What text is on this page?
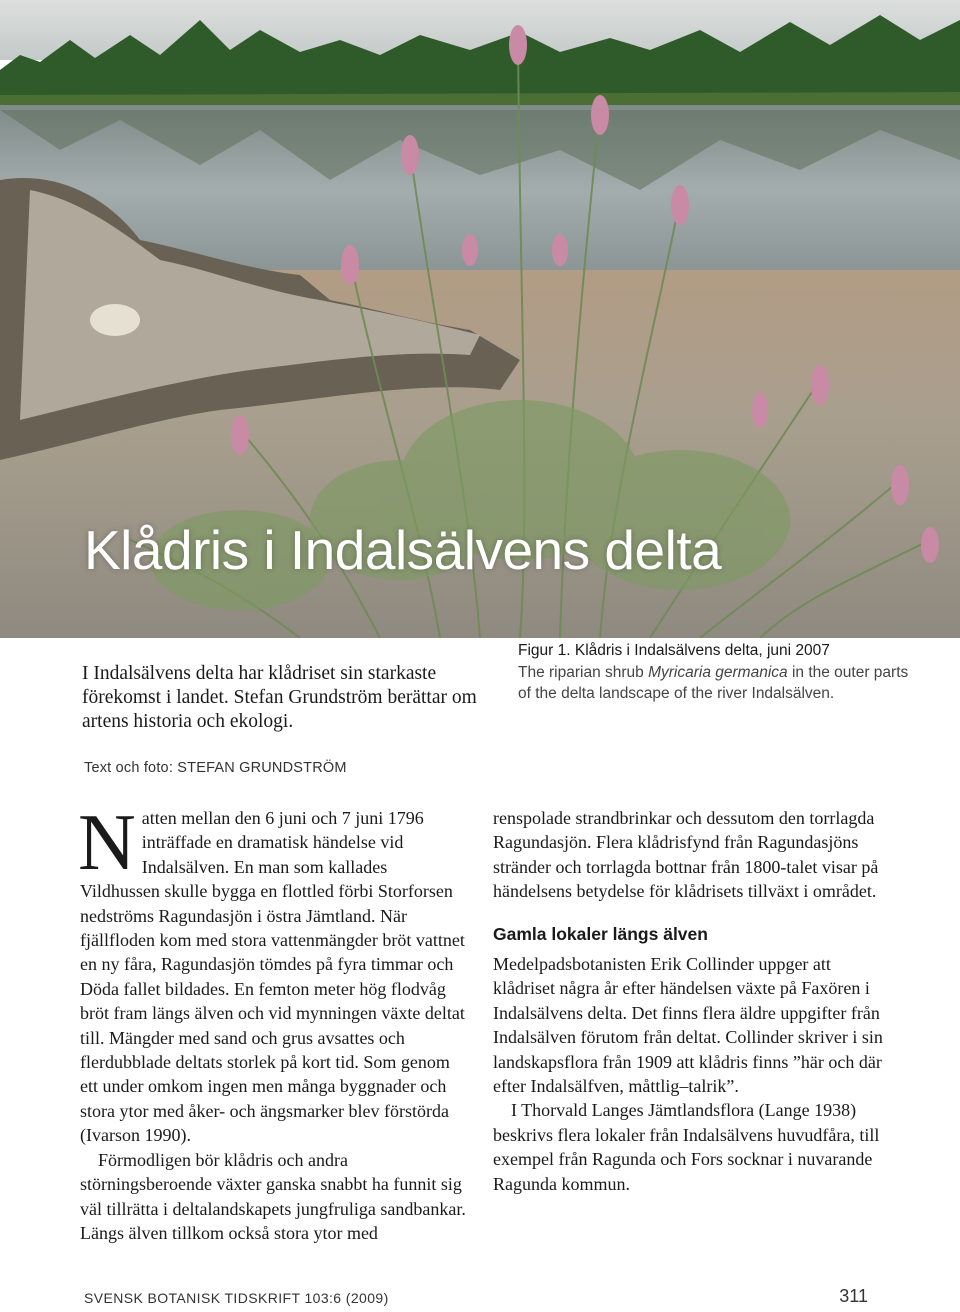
Klådris i Indalsälvens delta

I Indalsälvens delta har klådriset sin starkaste förekomst i landet. Stefan Grundström berättar om artens historia och ekologi.

Figur 1. Klådris i Indalsälvens delta, juni 2007
The riparian shrub Myricaria germanica in the outer parts of the delta landscape of the river Indalsälven.
Text och foto: STEFAN GRUNDSTRÖM

Natten mellan den 6 juni och 7 juni 1796 inträffade en dramatisk händelse vid Indalsälven. En man som kallades Vildhussen skulle bygga en flottled förbi Storforsen nedströms Ragundasjön i östra Jämtland. När fjällfloden kom med stora vattenmängder bröt vattnet en ny fåra, Ragundasjön tömdes på fyra timmar och Döda fallet bildades. En femton meter hög flodvåg bröt fram längs älven och vid mynningen växte deltat till. Mängder med sand och grus avsattes och flerdubblade deltats storlek på kort tid. Som genom ett under omkom ingen men många byggnader och stora ytor med åker- och ängsmarker blev förstörda (Ivarson 1990).

Förmodligen bör klådris och andra störningsberoende växter ganska snabbt ha funnit sig väl tillrätta i deltalandskapets jungfruliga sandbankar. Längs älven tillkom också stora ytor med

renspolade strandbrinkar och dessutom den torrlagda Ragundasjön. Flera klådrisfynd från Ragundasjöns stränder och torrlagda bottnar från 1800-talet visar på händelsens betydelse för klådrisets tillväxt i området.

Gamla lokaler längs älven

Medelpadsbotanisten Erik Collinder uppger att klådriset några år efter händelsen växte på Faxören i Indalsälvens delta. Det finns flera äldre uppgifter från Indalsälven förutom från deltat. Collinder skriver i sin landskapsflora från 1909 att klådris finns ”här och där efter Indalsälfven, måttlig–talrik”.

I Thorvald Langes Jämtlandsflora (Lange 1938) beskrivs flera lokaler från Indalsälvens huvudfåra, till exempel från Ragunda och Fors socknar i nuvarande Ragunda kommun.

SVENSK BOTANISK TIDSKRIFT 103:6 (2009)	311
